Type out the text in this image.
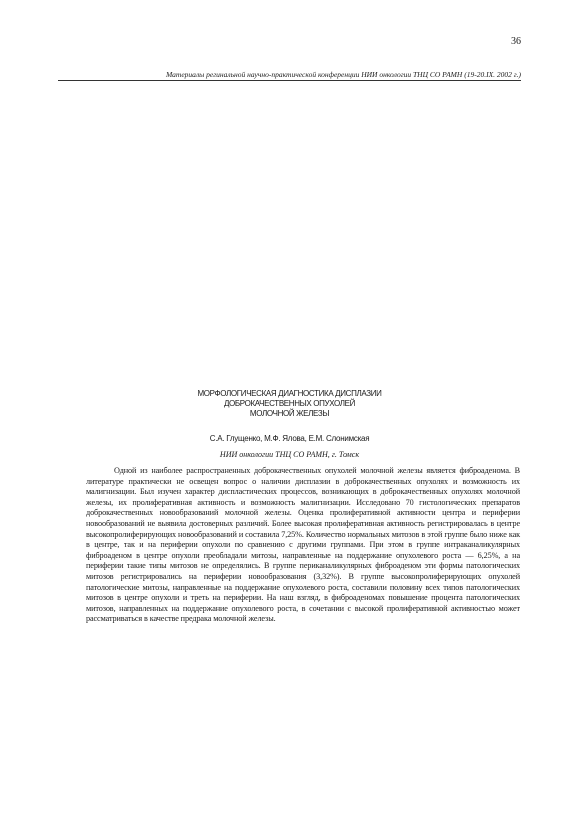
36
Материалы регинальной научно-практической конференции НИИ онкологии ТНЦ СО РАМН (19-20.IX. 2002 г.)
МОРФОЛОГИЧЕСКАЯ ДИАГНОСТИКА ДИСПЛАЗИИ
ДОБРОКАЧЕСТВЕННЫХ ОПУХОЛЕЙ
МОЛОЧНОЙ ЖЕЛЕЗЫ
С.А. Глущенко, М.Ф. Ялова, Е.М. Слонимская
НИИ онкологии ТНЦ СО РАМН, г. Томск

Одной из наиболее распространенных доброкачественных опухолей молочной железы является фиброаденома. В литературе практически не освещен вопрос о наличии дисплазии в доброкачественных опухолях и возможность их малигнизации. Был изучен характер диспластических процессов, возникающих в доброкачественных опухолях молочной железы, их пролиферативная активность и возможность малигнизации. Исследовано 70 гистологических препаратов доброкачественных новообразований молочной железы. Оценка пролиферативной активности центра и периферии новообразований не выявила достоверных различий. Более высокая пролиферативная активность регистрировалась в центре высокопролиферирующих новообразований и составила 7,25%. Количество нормальных митозов в этой группе было ниже как в центре, так и на периферии опухоли по сравнению с другими группами. При этом в группе интраканаликулярных фиброаденом в центре опухоли преобладали митозы, направленные на поддержание опухолевого роста — 6,25%, а на периферии такие типы митозов не определялись. В группе периканаликулярных фиброаденом эти формы патологических митозов регистрировались на периферии новообразования (3,32%). В группе высокопролиферирующих опухолей патологические митозы, направленные на поддержание опухолевого роста, составили половину всех типов патологических митозов в центре опухоли и треть на периферии. На наш взгляд, в фиброаденомах повышение процента патологических митозов, направленных на поддержание опухолевого роста, в сочетании с высокой пролиферативной активностью может рассматриваться в качестве предрака молочной железы.
